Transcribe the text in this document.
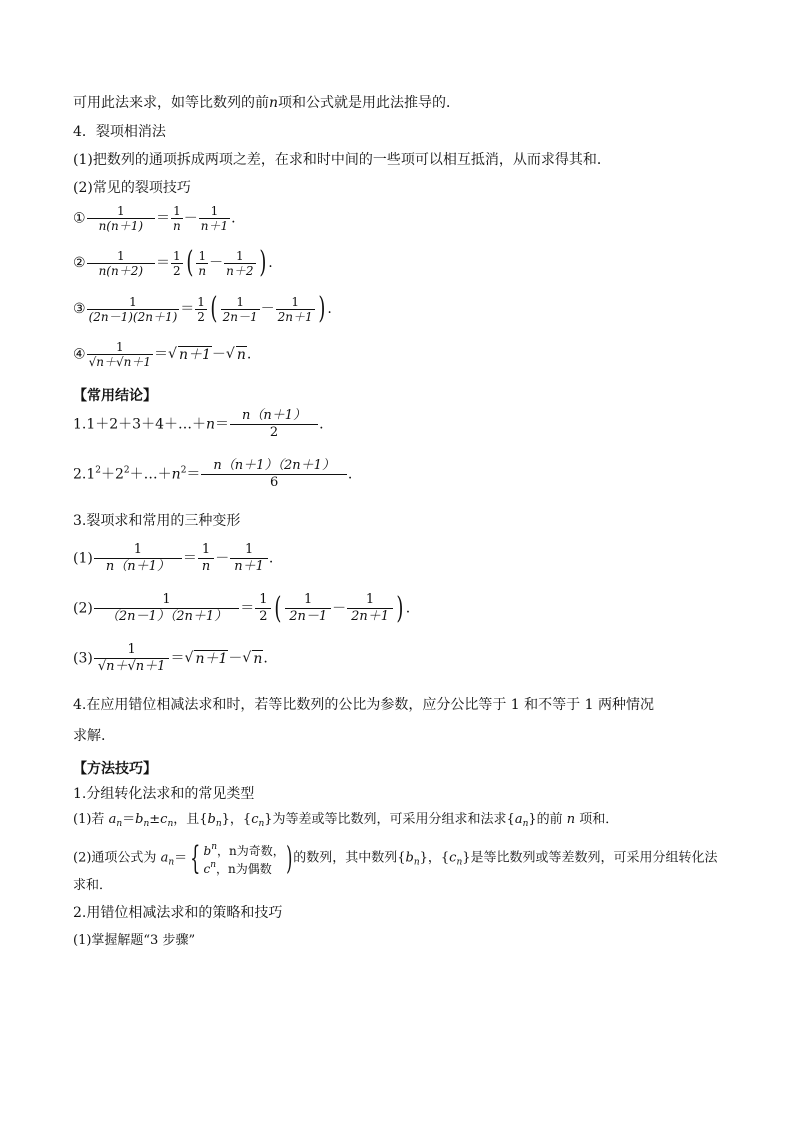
可用此法来求，如等比数列的前n项和公式就是用此法推导的．
4．裂项相消法
(1)把数列的通项拆成两项之差，在求和时中间的一些项可以相互抵消，从而求得其和．
(2)常见的裂项技巧
① $\frac{1}{n(n+1)} = \frac{1}{n} - \frac{1}{n+1}$ .
② $\frac{1}{n(n+2)} = \frac{1}{2}$ ( $\frac{1}{n} - \frac{1}{n+2}$ ) .
③ $\frac{1}{(2n-1)(2n+1)} = \frac{1}{2}$ ( $\frac{1}{2n-1} - \frac{1}{2n+1}$ ) .
④ $\frac{1}{√n+√n+1}$ ＝ √ n＋1－ √ n.
【常用结论】
1.1＋2＋3＋4＋…＋n＝ $\frac{n(n+1)}{2}$ .
$2.1^2+2^2+\dots+n^2= \frac{n(n+1)(2n+1)}{6}$ .
3.裂项求和常用的三种变形
$(1) \frac{1}{n(n+1)} = \frac{1}{n} - \frac{1}{n+1}$ .
$(2) \frac{1}{(2n-1)(2n+1)} = \frac{1}{2}$ ( $\frac{1}{2n-1} - \frac{1}{2n+1}$ ) .
$(3) \frac{1}{√n+√n+1}$ ＝ √ n＋1－ √ n.
4.在应用错位相减法求和时，若等比数列的公比为参数，应分公比等于 1 和不等于 1 两种情况
求解.
【方法技巧】
1.分组转化法求和的常见类型
(1)若 $a_n=b_n\pm c_n$，且$\{b_n\}$，$\{c_n\}$为等差或等比数列，可采用分组求和法求$\{a_n\}$的前 n 项和．
(2)通项公式为 $a_n=${ $b^n$，n为奇数，
$c^n$，n为偶数 )的数列，其中数列$\{b_n\}$，$\{c_n\}$是等比数列或等差数列，可采用分组转化法
求和．
2.用错位相减法求和的策略和技巧
(1)掌握解题“3 步骤”
